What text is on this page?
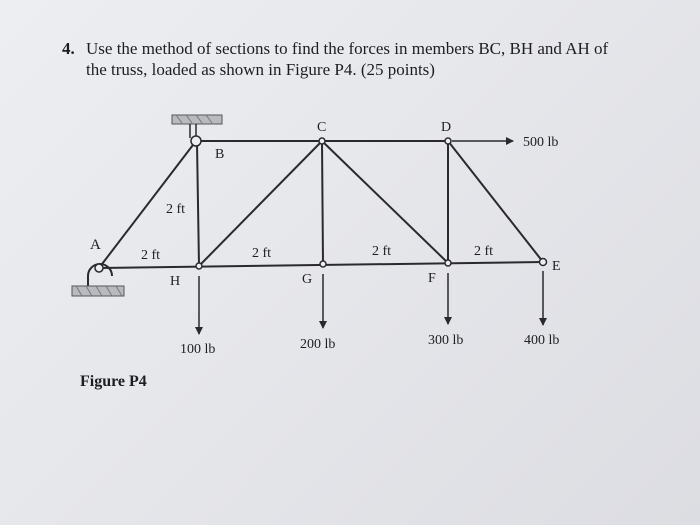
4. Use the method of sections to find the forces in members BC, BH and AH of
the truss, loaded as shown in Figure P4. (25 points)
A
B
C	D
E
F
G
H
2 ft
2 ft	2 ft	2 ft	2 ft
500 lb
100 lb	200 lb	300 lb	400 lb
Figure P4
